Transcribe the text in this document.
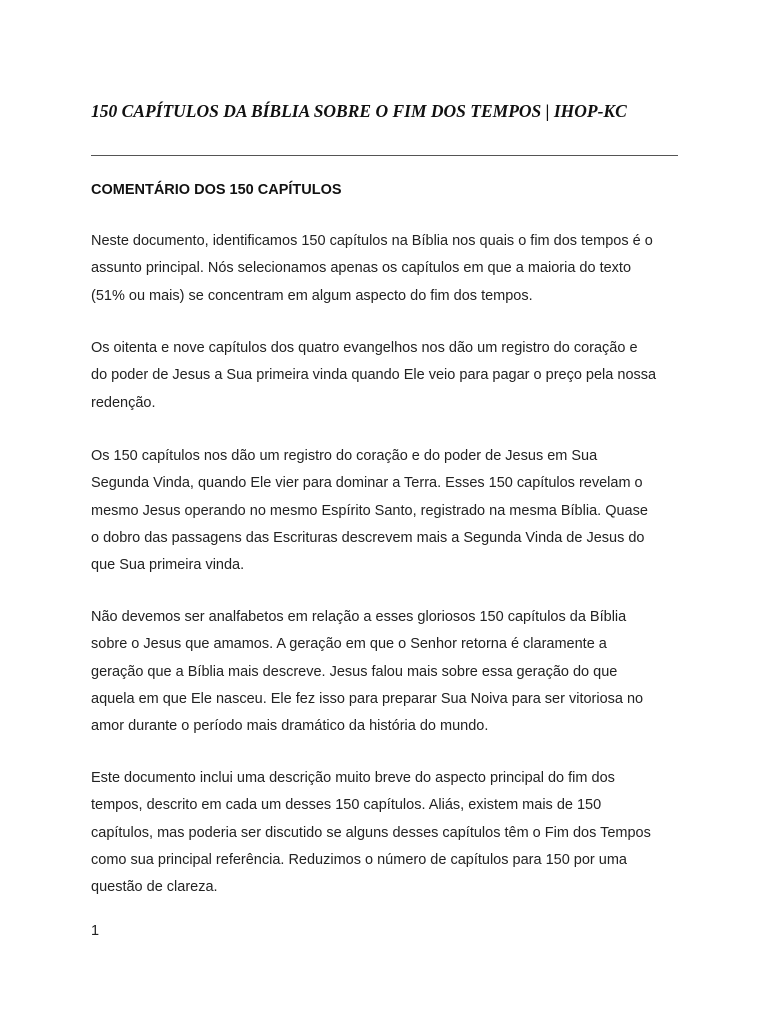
150 CAPÍTULOS DA BÍBLIA SOBRE O FIM DOS TEMPOS | IHOP-KC
COMENTÁRIO DOS 150 CAPÍTULOS

Neste documento, identificamos 150 capítulos na Bíblia nos quais o fim dos tempos é o
assunto principal. Nós selecionamos apenas os capítulos em que a maioria do texto
(51% ou mais) se concentram em algum aspecto do fim dos tempos.

Os oitenta e nove capítulos dos quatro evangelhos nos dão um registro do coração e
do poder de Jesus a Sua primeira vinda quando Ele veio para pagar o preço pela nossa
redenção.

Os 150 capítulos nos dão um registro do coração e do poder de Jesus em Sua
Segunda Vinda, quando Ele vier para dominar a Terra. Esses 150 capítulos revelam o
mesmo Jesus operando no mesmo Espírito Santo, registrado na mesma Bíblia. Quase
o dobro das passagens das Escrituras descrevem mais a Segunda Vinda de Jesus do
que Sua primeira vinda.

Não devemos ser analfabetos em relação a esses gloriosos 150 capítulos da Bíblia
sobre o Jesus que amamos. A geração em que o Senhor retorna é claramente a
geração que a Bíblia mais descreve. Jesus falou mais sobre essa geração do que
aquela em que Ele nasceu. Ele fez isso para preparar Sua Noiva para ser vitoriosa no
amor durante o período mais dramático da história do mundo.

Este documento inclui uma descrição muito breve do aspecto principal do fim dos
tempos, descrito em cada um desses 150 capítulos. Aliás, existem mais de 150
capítulos, mas poderia ser discutido se alguns desses capítulos têm o Fim dos Tempos
como sua principal referência. Reduzimos o número de capítulos para 150 por uma
questão de clareza.

1
